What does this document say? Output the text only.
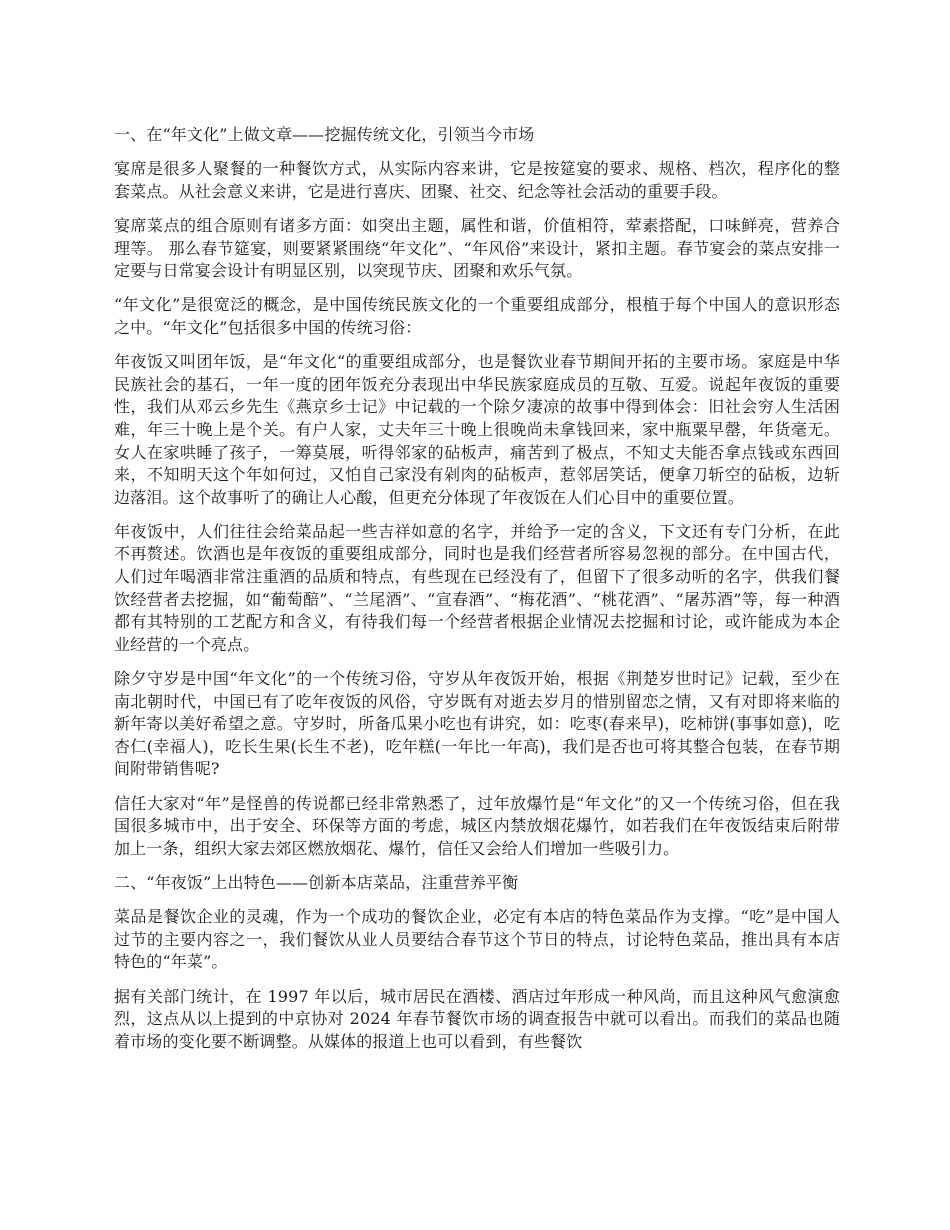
一、在“年文化”上做文章——挖掘传统文化，引领当今市场

宴席是很多人聚餐的一种餐饮方式，从实际内容来讲，它是按筵宴的要求、规格、档次，程序化的整套菜点。从社会意义来讲，它是进行喜庆、团聚、社交、纪念等社会活动的重要手段。

宴席菜点的组合原则有诸多方面：如突出主题，属性和谐，价值相符，荤素搭配，口味鲜亮，营养合理等。 那么春节筵宴，则要紧紧围绕“年文化”、“年风俗”来设计，紧扣主题。春节宴会的菜点安排一定要与日常宴会设计有明显区别，以突现节庆、团聚和欢乐气氛。

“年文化”是很宽泛的概念，是中国传统民族文化的一个重要组成部分，根植于每个中国人的意识形态之中。“年文化”包括很多中国的传统习俗：

年夜饭又叫团年饭，是“年文化“的重要组成部分，也是餐饮业春节期间开拓的主要市场。家庭是中华民族社会的基石，一年一度的团年饭充分表现出中华民族家庭成员的互敬、互爱。说起年夜饭的重要性，我们从邓云乡先生《燕京乡士记》中记载的一个除夕凄凉的故事中得到体会：旧社会穷人生活困难，年三十晚上是个关。有户人家，丈夫年三十晚上很晚尚未拿钱回来，家中瓶粟早罄，年货毫无。女人在家哄睡了孩子，一筹莫展，听得邻家的砧板声，痛苦到了极点，不知丈夫能否拿点钱或东西回来，不知明天这个年如何过，又怕自己家没有剁肉的砧板声，惹邻居笑话，便拿刀斩空的砧板，边斩边落泪。这个故事听了的确让人心酸，但更充分体现了年夜饭在人们心目中的重要位置。

年夜饭中，人们往往会给菜品起一些吉祥如意的名字，并给予一定的含义，下文还有专门分析，在此不再赘述。饮酒也是年夜饭的重要组成部分，同时也是我们经营者所容易忽视的部分。在中国古代，人们过年喝酒非常注重酒的品质和特点，有些现在已经没有了，但留下了很多动听的名字，供我们餐饮经营者去挖掘，如“葡萄醅”、“兰尾酒”、“宣春酒”、“梅花酒”、“桃花酒”、“屠苏酒”等，每一种酒都有其特别的工艺配方和含义，有待我们每一个经营者根据企业情况去挖掘和讨论，或许能成为本企业经营的一个亮点。

除夕守岁是中国“年文化”的一个传统习俗，守岁从年夜饭开始，根据《荆楚岁世时记》记载，至少在南北朝时代，中国已有了吃年夜饭的风俗，守岁既有对逝去岁月的惜别留恋之情，又有对即将来临的新年寄以美好希望之意。守岁时，所备瓜果小吃也有讲究，如：吃枣(春来早)，吃柿饼(事事如意)，吃杏仁(幸福人)，吃长生果(长生不老)，吃年糕(一年比一年高)，我们是否也可将其整合包装，在春节期间附带销售呢?

信任大家对“年”是怪兽的传说都已经非常熟悉了，过年放爆竹是“年文化”的又一个传统习俗，但在我国很多城市中，出于安全、环保等方面的考虑，城区内禁放烟花爆竹，如若我们在年夜饭结束后附带加上一条，组织大家去郊区燃放烟花、爆竹，信任又会给人们增加一些吸引力。

二、“年夜饭”上出特色——创新本店菜品，注重营养平衡

菜品是餐饮企业的灵魂，作为一个成功的餐饮企业，必定有本店的特色菜品作为支撑。“吃”是中国人过节的主要内容之一，我们餐饮从业人员要结合春节这个节日的特点，讨论特色菜品，推出具有本店特色的“年菜”。

据有关部门统计，在 1997 年以后，城市居民在酒楼、酒店过年形成一种风尚，而且这种风气愈演愈烈，这点从以上提到的中京协对 2024 年春节餐饮市场的调查报告中就可以看出。而我们的菜品也随着市场的变化要不断调整。从媒体的报道上也可以看到，有些餐饮
